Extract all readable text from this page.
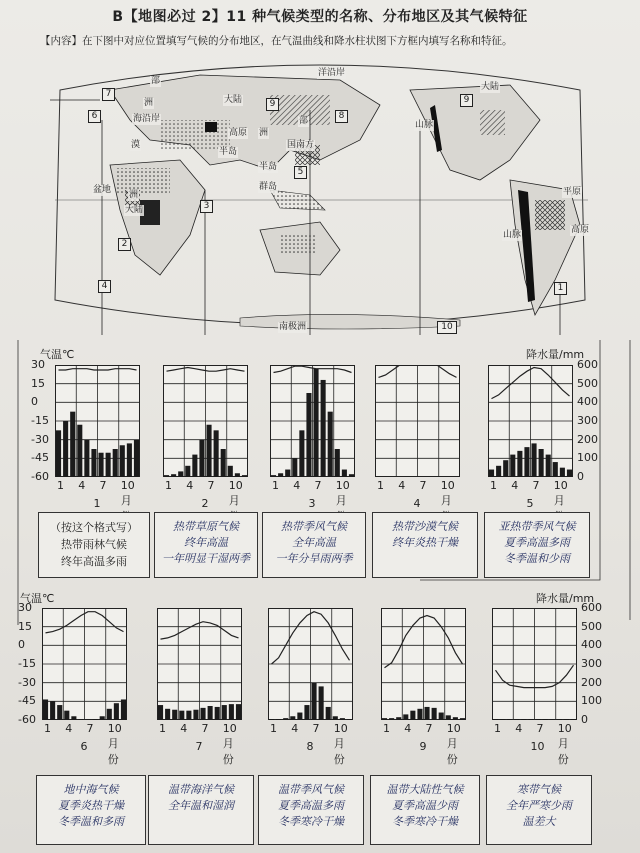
B【地图必过 2】11 种气候类型的名称、分布地区及其气候特征
【内容】在下图中对应位置填写气候的分布地区，在气温曲线和降水柱状图下方框内填写名称和特征。
洋沿岸
大陆
部
洲
海沿岸
大陆
洲
部	山脉
高原
国南方
半岛
漠
半岛
盆地	群岛
洲
大陆
平原
山脉	高原
南极洲
7
6
9
8
3
5
2
4	1
10
9
气温℃	降水量/mm
气温℃	降水量/mm
1 4 7 10月
1
30
15
0
-15
-30
-45
-60
1 4 7 10月
2
1 4 7 10月
3
1 4 7 10月
4
1 4 7 10月
5
600
500
400
300
200
100
0
1 4 7 10月份
6
30
15
0
-15
-30
-45
-60
1 4 7 10月份
7
1 4 7 10月份
8
1 4 7 10月份
9
1 4 7 10月份
10
600
500
400
300
200
100
0
（按这个格式写）
热带雨林气候
终年高温多雨
热带草原气候
终年高温
一年明显干湿两季
热带季风气候
全年高温
一年分旱雨两季
热带沙漠气候
终年炎热干燥
亚热带季风气候
夏季高温多雨
冬季温和少雨
地中海气候
夏季炎热干燥
冬季温和多雨
温带海洋气候
全年温和湿润
温带季风气候
夏季高温多雨
冬季寒冷干燥
温带大陆性气候
夏季高温少雨
冬季寒冷干燥
寒带气候
全年严寒少雨
温差大
